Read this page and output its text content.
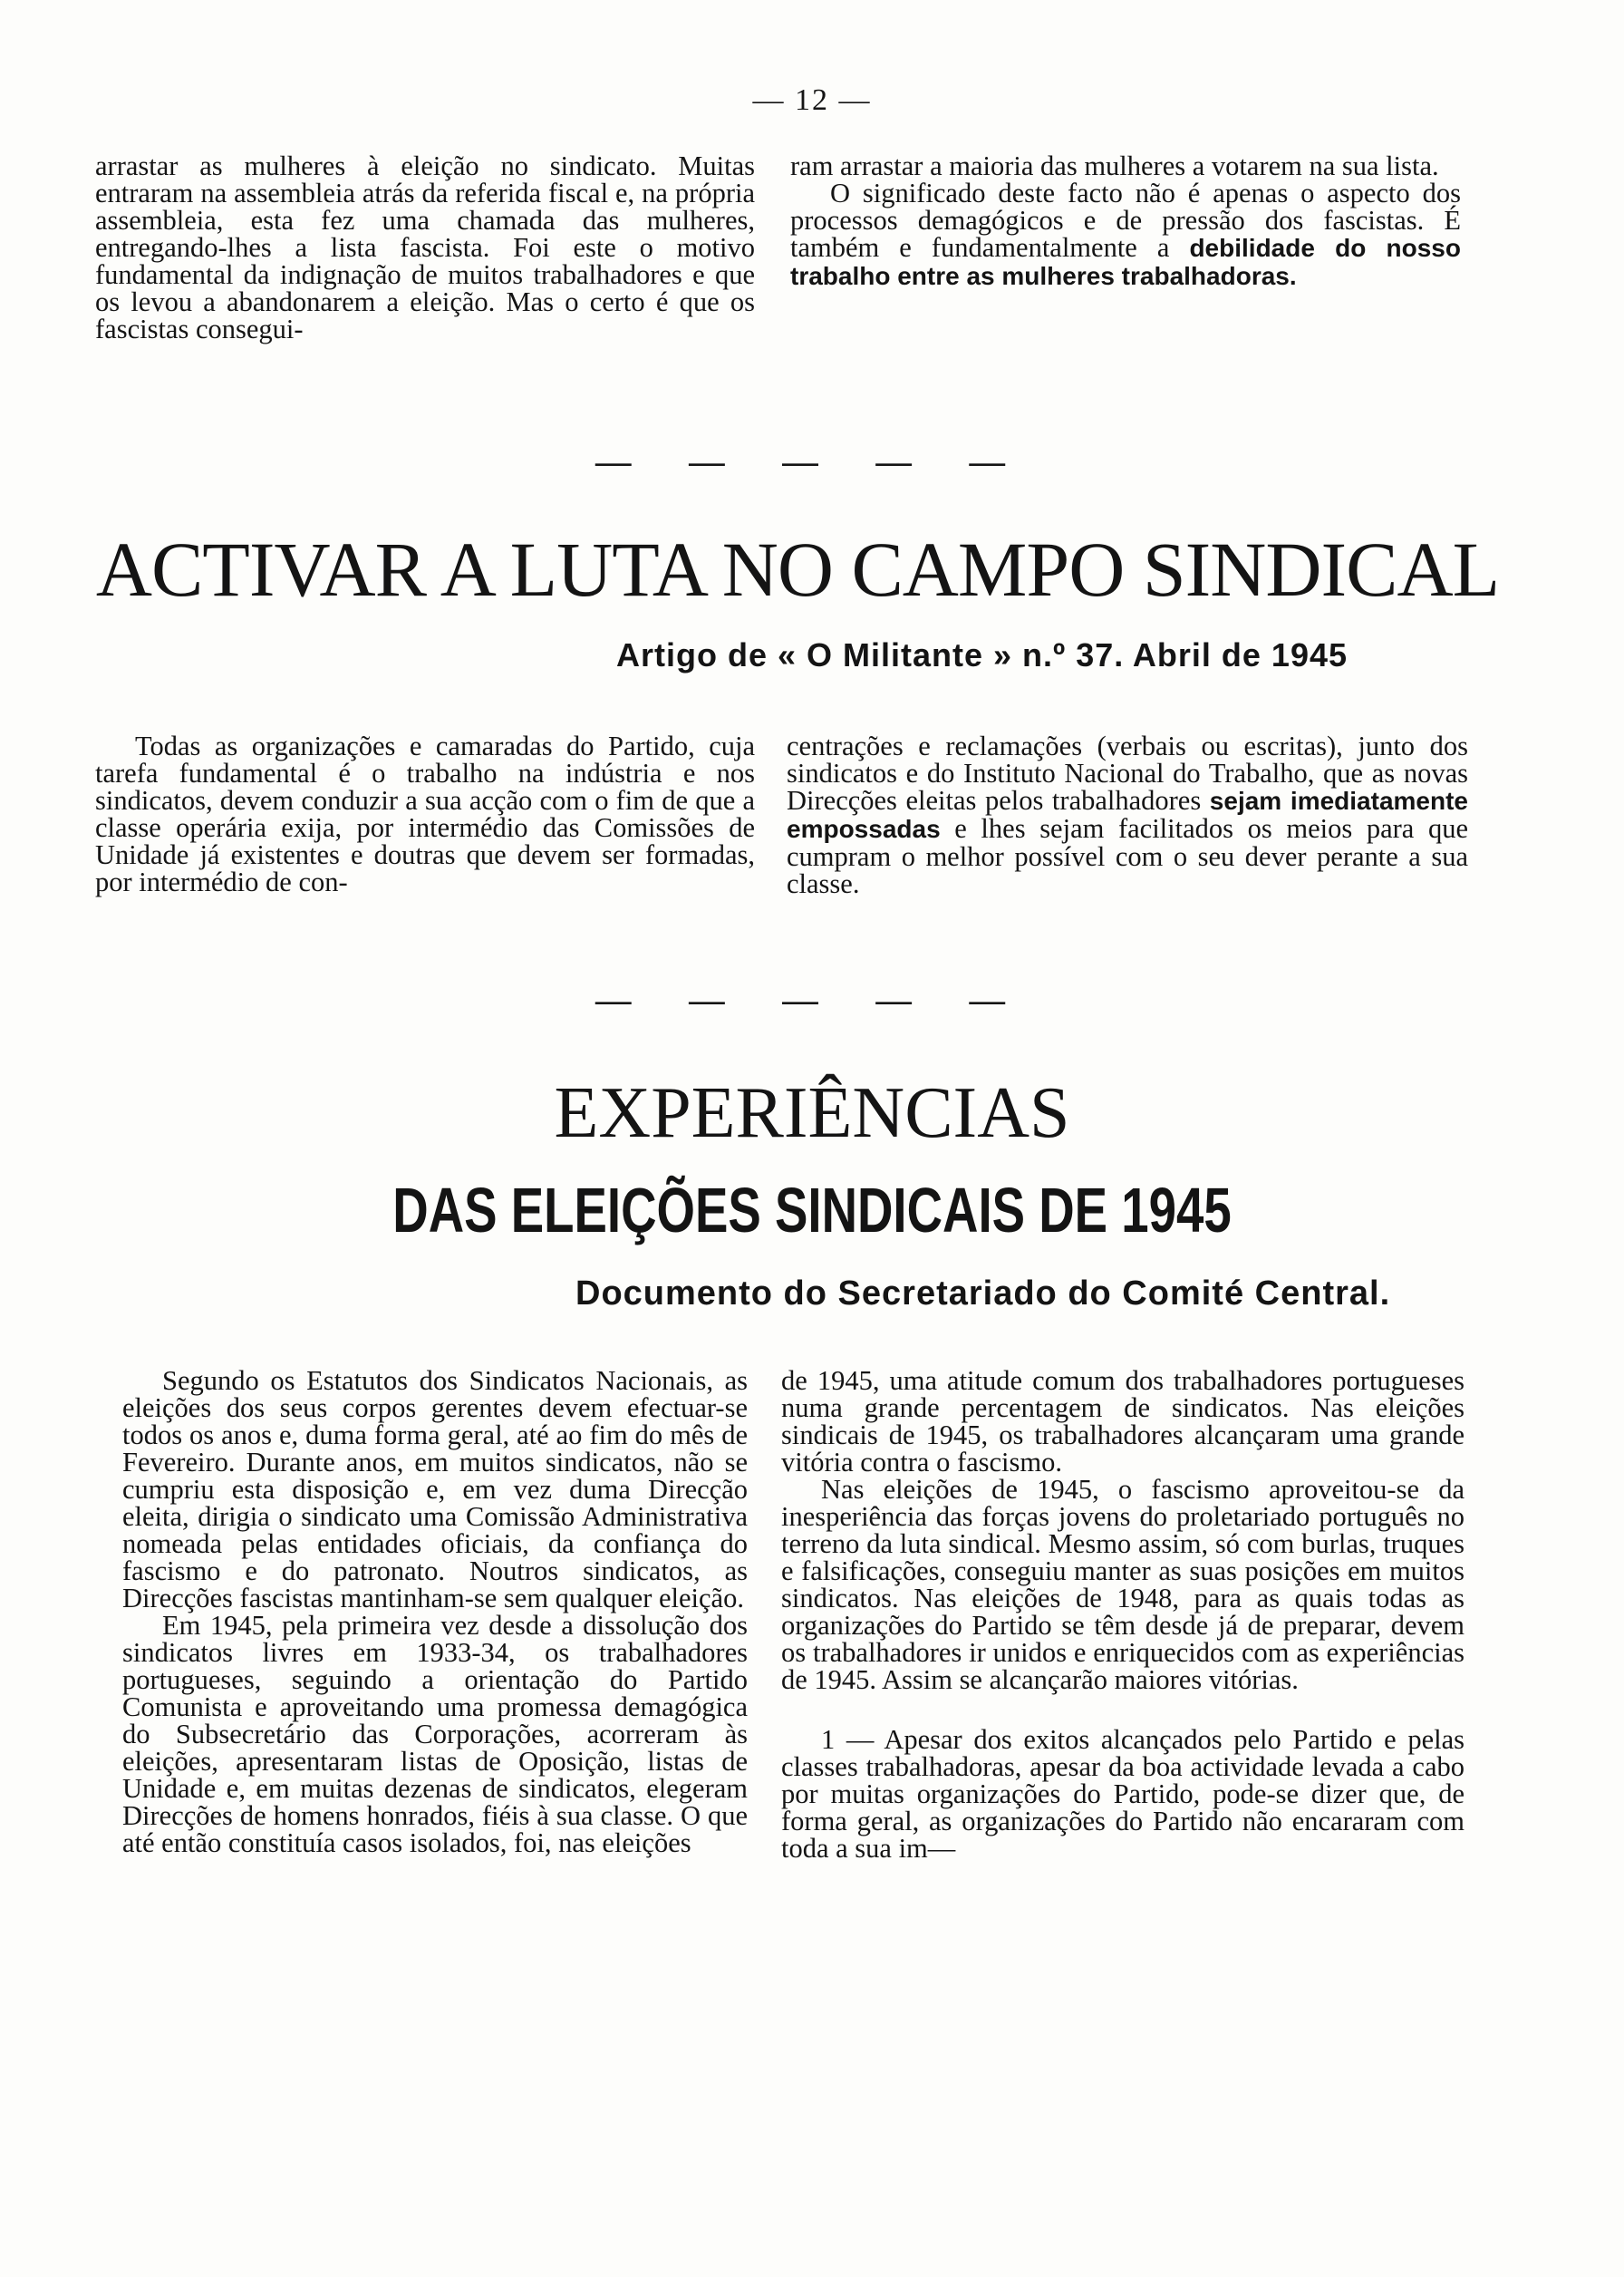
— 12 —

arrastar as mulheres à eleição no sindicato. Muitas entraram na assembleia atrás da referida fiscal e, na própria assembleia, esta fez uma chamada das mulheres, entregando-lhes a lista fascista. Foi este o motivo fundamental da indignação de muitos trabalhadores e que os levou a abandonarem a eleição. Mas o certo é que os fascistas consegui-

ram arrastar a maioria das mulheres a votarem na sua lista.

O significado deste facto não é apenas o aspecto dos processos demagógicos e de pressão dos fascistas. É também e fundamentalmente a debilidade do nosso trabalho entre as mulheres trabalhadoras.

— — — — —
ACTIVAR A LUTA NO CAMPO SINDICAL
Artigo de « O Militante » n.º 37. Abril de 1945

Todas as organizações e camaradas do Partido, cuja tarefa fundamental é o trabalho na indústria e nos sindicatos, devem conduzir a sua acção com o fim de que a classe operária exija, por intermédio das Comissões de Unidade já existentes e doutras que devem ser formadas, por intermédio de con-

centrações e reclamações (verbais ou escritas), junto dos sindicatos e do Instituto Nacional do Trabalho, que as novas Direcções eleitas pelos trabalhadores sejam imediatamente empossadas e lhes sejam facilitados os meios para que cumpram o melhor possível com o seu dever perante a sua classe.

— — — — —
EXPERIÊNCIAS
DAS ELEIÇÕES SINDICAIS DE 1945
Documento do Secretariado do Comité Central.

Segundo os Estatutos dos Sindicatos Nacionais, as eleições dos seus corpos gerentes devem efectuar-se todos os anos e, duma forma geral, até ao fim do mês de Fevereiro. Durante anos, em muitos sindicatos, não se cumpriu esta disposição e, em vez duma Direcção eleita, dirigia o sindicato uma Comissão Administrativa nomeada pelas entidades oficiais, da confiança do fascismo e do patronato. Noutros sindicatos, as Direcções fascistas mantinham-se sem qualquer eleição.

Em 1945, pela primeira vez desde a dissolução dos sindicatos livres em 1933-34, os trabalhadores portugueses, seguindo a orientação do Partido Comunista e aproveitando uma promessa demagógica do Subsecretário das Corporações, acorreram às eleições, apresentaram listas de Oposição, listas de Unidade e, em muitas dezenas de sindicatos, elegeram Direcções de homens honrados, fiéis à sua classe. O que até então constituía casos isolados, foi, nas eleições

de 1945, uma atitude comum dos trabalhadores portugueses numa grande percentagem de sindicatos. Nas eleições sindicais de 1945, os trabalhadores alcançaram uma grande vitória contra o fascismo.

Nas eleições de 1945, o fascismo aproveitou-se da inesperiência das forças jovens do proletariado português no terreno da luta sindical. Mesmo assim, só com burlas, truques e falsificações, conseguiu manter as suas posições em muitos sindicatos. Nas eleições de 1948, para as quais todas as organizações do Partido se têm desde já de preparar, devem os trabalhadores ir unidos e enriquecidos com as experiências de 1945. Assim se alcançarão maiores vitórias.

1 — Apesar dos exitos alcançados pelo Partido e pelas classes trabalhadoras, apesar da boa actividade levada a cabo por muitas organizações do Partido, pode-se dizer que, de forma geral, as organizações do Partido não encararam com toda a sua im—
